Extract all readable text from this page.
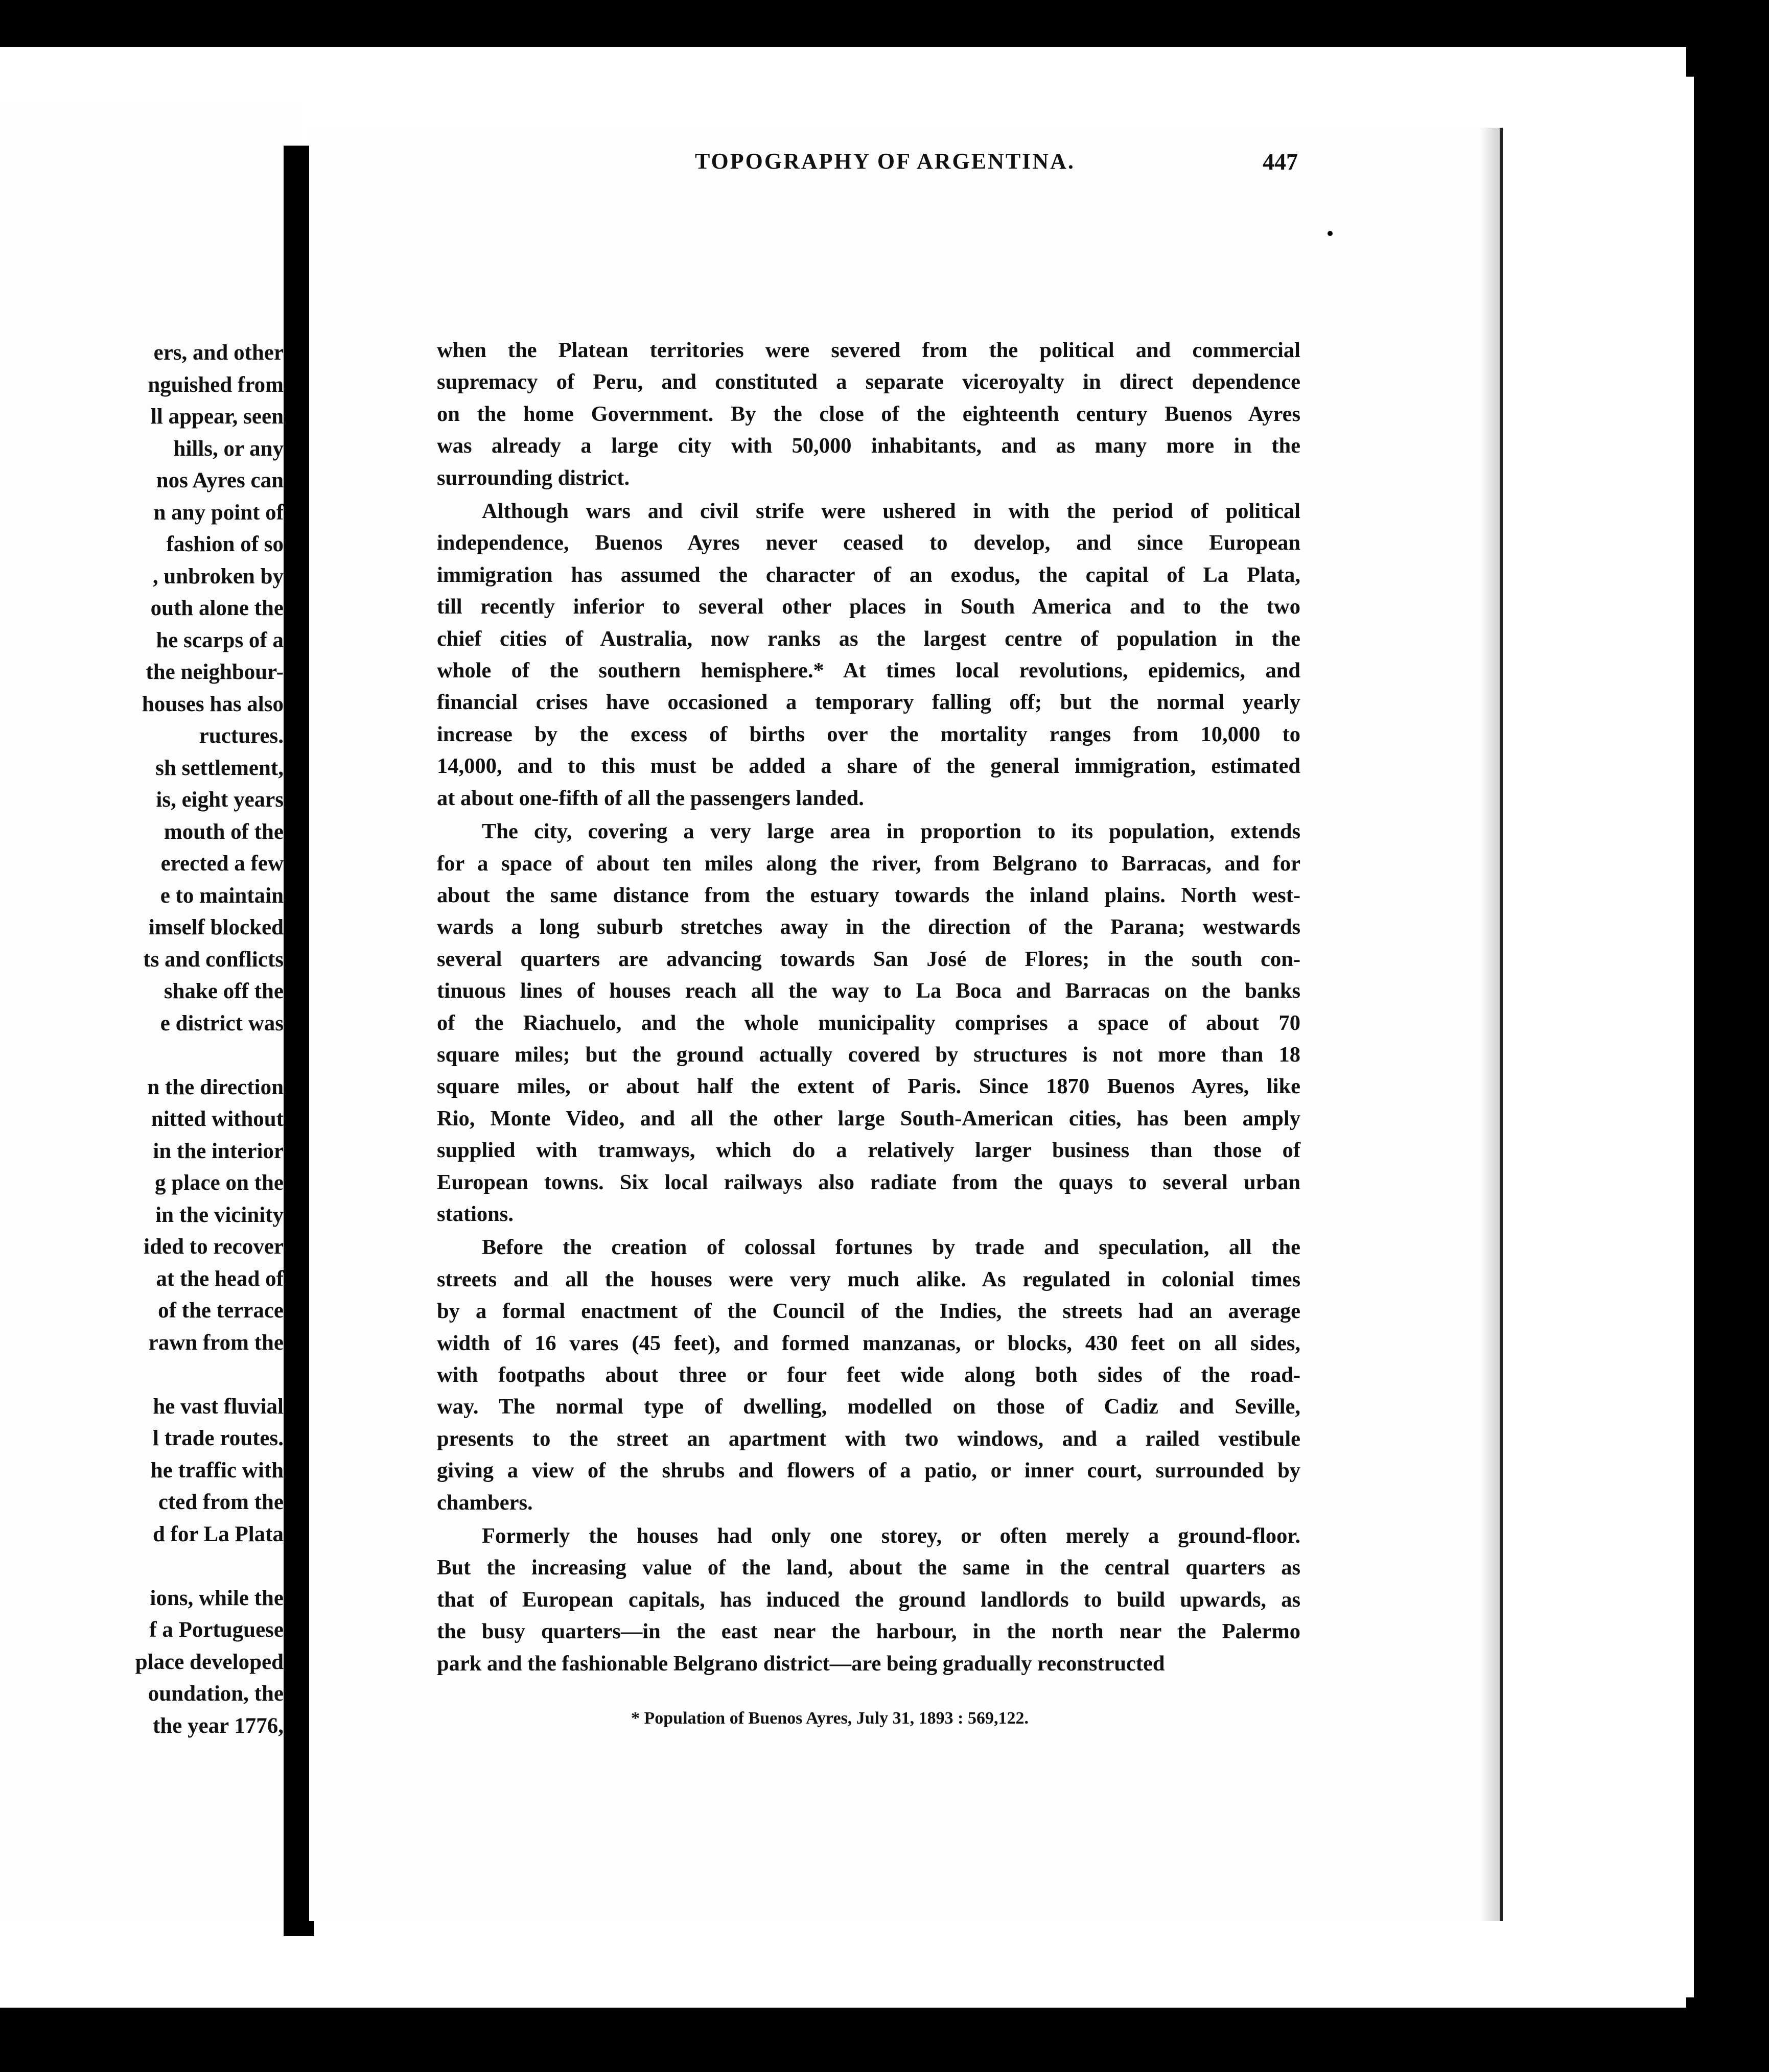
ers, and other
nguished from
ll appear, seen
hills, or any
nos Ayres can
n any point of
fashion of so
, unbroken by
outh alone the
he scarps of a
the neighbour-
houses has also
ructures.
sh settlement,
is, eight years
mouth of the
erected a few
e to maintain
imself blocked
ts and conflicts
shake off the
e district was

n the direction
nitted without
in the interior
g place on the
in the vicinity
ided to recover
at the head of
of the terrace
rawn from the

he vast fluvial
l trade routes.
he traffic with
cted from the
d for La Plata

ions, while the
f a Portuguese
place developed
oundation, the
the year 1776,
TOPOGRAPHY OF ARGENTINA.	447

when the Platean territories were severed from the political and commercial
supremacy of Peru, and constituted a separate viceroyalty in direct dependence
on the home Government. By the close of the eighteenth century Buenos Ayres
was already a large city with 50,000 inhabitants, and as many more in the
surrounding district.

Although wars and civil strife were ushered in with the period of political
independence, Buenos Ayres never ceased to develop, and since European
immigration has assumed the character of an exodus, the capital of La Plata,
till recently inferior to several other places in South America and to the two
chief cities of Australia, now ranks as the largest centre of population in the
whole of the southern hemisphere.* At times local revolutions, epidemics, and
financial crises have occasioned a temporary falling off; but the normal yearly
increase by the excess of births over the mortality ranges from 10,000 to
14,000, and to this must be added a share of the general immigration, estimated
at about one-fifth of all the passengers landed.

The city, covering a very large area in proportion to its population, extends
for a space of about ten miles along the river, from Belgrano to Barracas, and for
about the same distance from the estuary towards the inland plains. North west-
wards a long suburb stretches away in the direction of the Parana; westwards
several quarters are advancing towards San José de Flores; in the south con-
tinuous lines of houses reach all the way to La Boca and Barracas on the banks
of the Riachuelo, and the whole municipality comprises a space of about 70
square miles; but the ground actually covered by structures is not more than 18
square miles, or about half the extent of Paris. Since 1870 Buenos Ayres, like
Rio, Monte Video, and all the other large South-American cities, has been amply
supplied with tramways, which do a relatively larger business than those of
European towns. Six local railways also radiate from the quays to several urban
stations.

Before the creation of colossal fortunes by trade and speculation, all the
streets and all the houses were very much alike. As regulated in colonial times
by a formal enactment of the Council of the Indies, the streets had an average
width of 16 vares (45 feet), and formed manzanas, or blocks, 430 feet on all sides,
with footpaths about three or four feet wide along both sides of the road-
way. The normal type of dwelling, modelled on those of Cadiz and Seville,
presents to the street an apartment with two windows, and a railed vestibule
giving a view of the shrubs and flowers of a patio, or inner court, surrounded by
chambers.

Formerly the houses had only one storey, or often merely a ground-floor.
But the increasing value of the land, about the same in the central quarters as
that of European capitals, has induced the ground landlords to build upwards, as
the busy quarters—in the east near the harbour, in the north near the Palermo
park and the fashionable Belgrano district—are being gradually reconstructed

* Population of Buenos Ayres, July 31, 1893 : 569,122.
